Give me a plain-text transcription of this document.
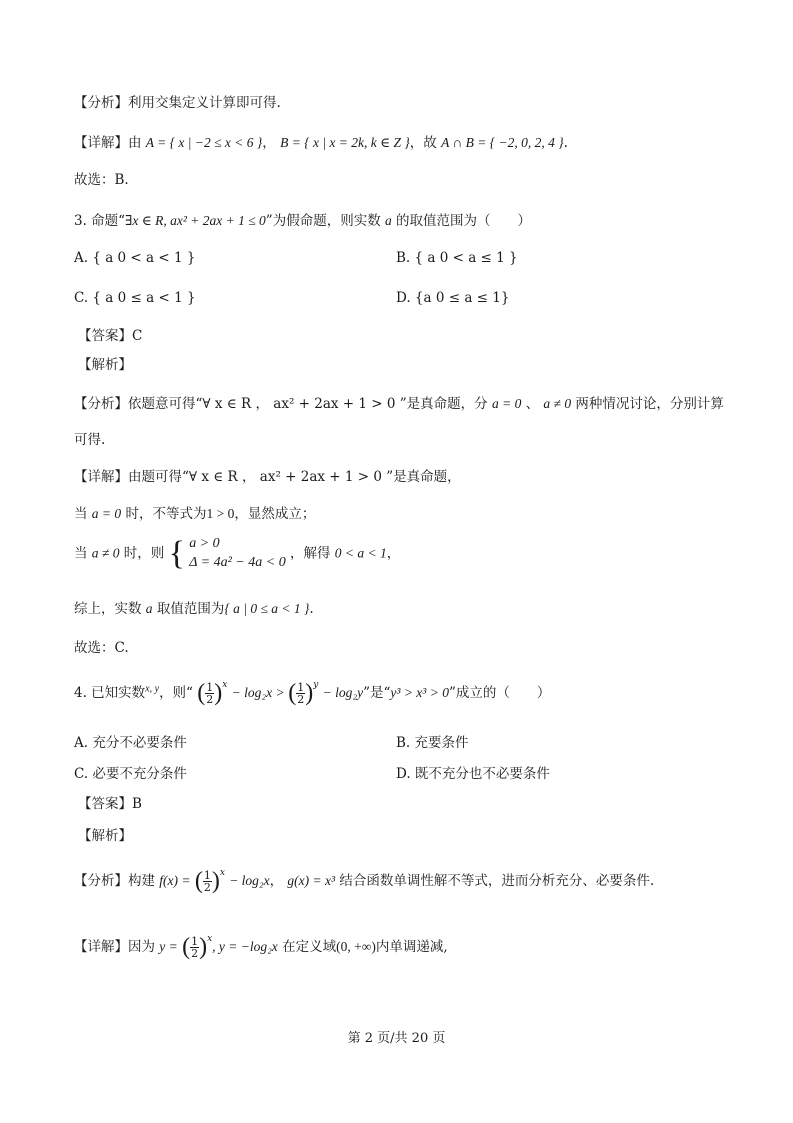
【分析】利用交集定义计算即可得.
【详解】由 A = { x | −2 ≤ x < 6 }， B = { x | x = 2k, k ∈ Z }，故 A ∩ B = { −2, 0, 2, 4 }.
故选：B.
3. 命题“∃x ∈ R, ax² + 2ax + 1 ≤ 0”为假命题，则实数 a 的取值范围为（　　）
A. { a 0 < a < 1 }	B. { a 0 < a ≤ 1 }
C. { a 0 ≤ a < 1 }	D. {a 0 ≤ a ≤ 1}
【答案】C
【解析】
【分析】依题意可得“∀ x ∈ R ， ax² + 2ax + 1 > 0 ”是真命题，分 a = 0 、 a ≠ 0 两种情况讨论，分别计算
可得.
【详解】由题可得“∀ x ∈ R ， ax² + 2ax + 1 > 0 ”是真命题，
当 a = 0 时，不等式为1 > 0，显然成立；
当 a ≠ 0 时，则 { a > 0
Δ = 4a² − 4a < 0
，解得 0 < a < 1，
综上，实数 a 取值范围为{ a | 0 ≤ a < 1 }.
故选：C.
4. 已知实数$^{x, y}$，则“ ( $\frac{1}{2} )^x - \log_2x$ > ( $\frac{1}{2} )^y - \log_2y$”是“y³ > x³ > 0”成立的（　　）
A. 充分不必要条件	B. 充要条件
C. 必要不充分条件	D. 既不充分也不必要条件
【答案】B
【解析】
【分析】构建 f(x) = ( $\frac{1}{2} )^x - \log_2x$， g(x) = x³ 结合函数单调性解不等式，进而分析充分、必要条件.
【详解】因为 y = ( $\frac{1}{2} )^x$, y = −log₂x 在定义域(0, +∞)内单调递减,
第 2 页/共 20 页
